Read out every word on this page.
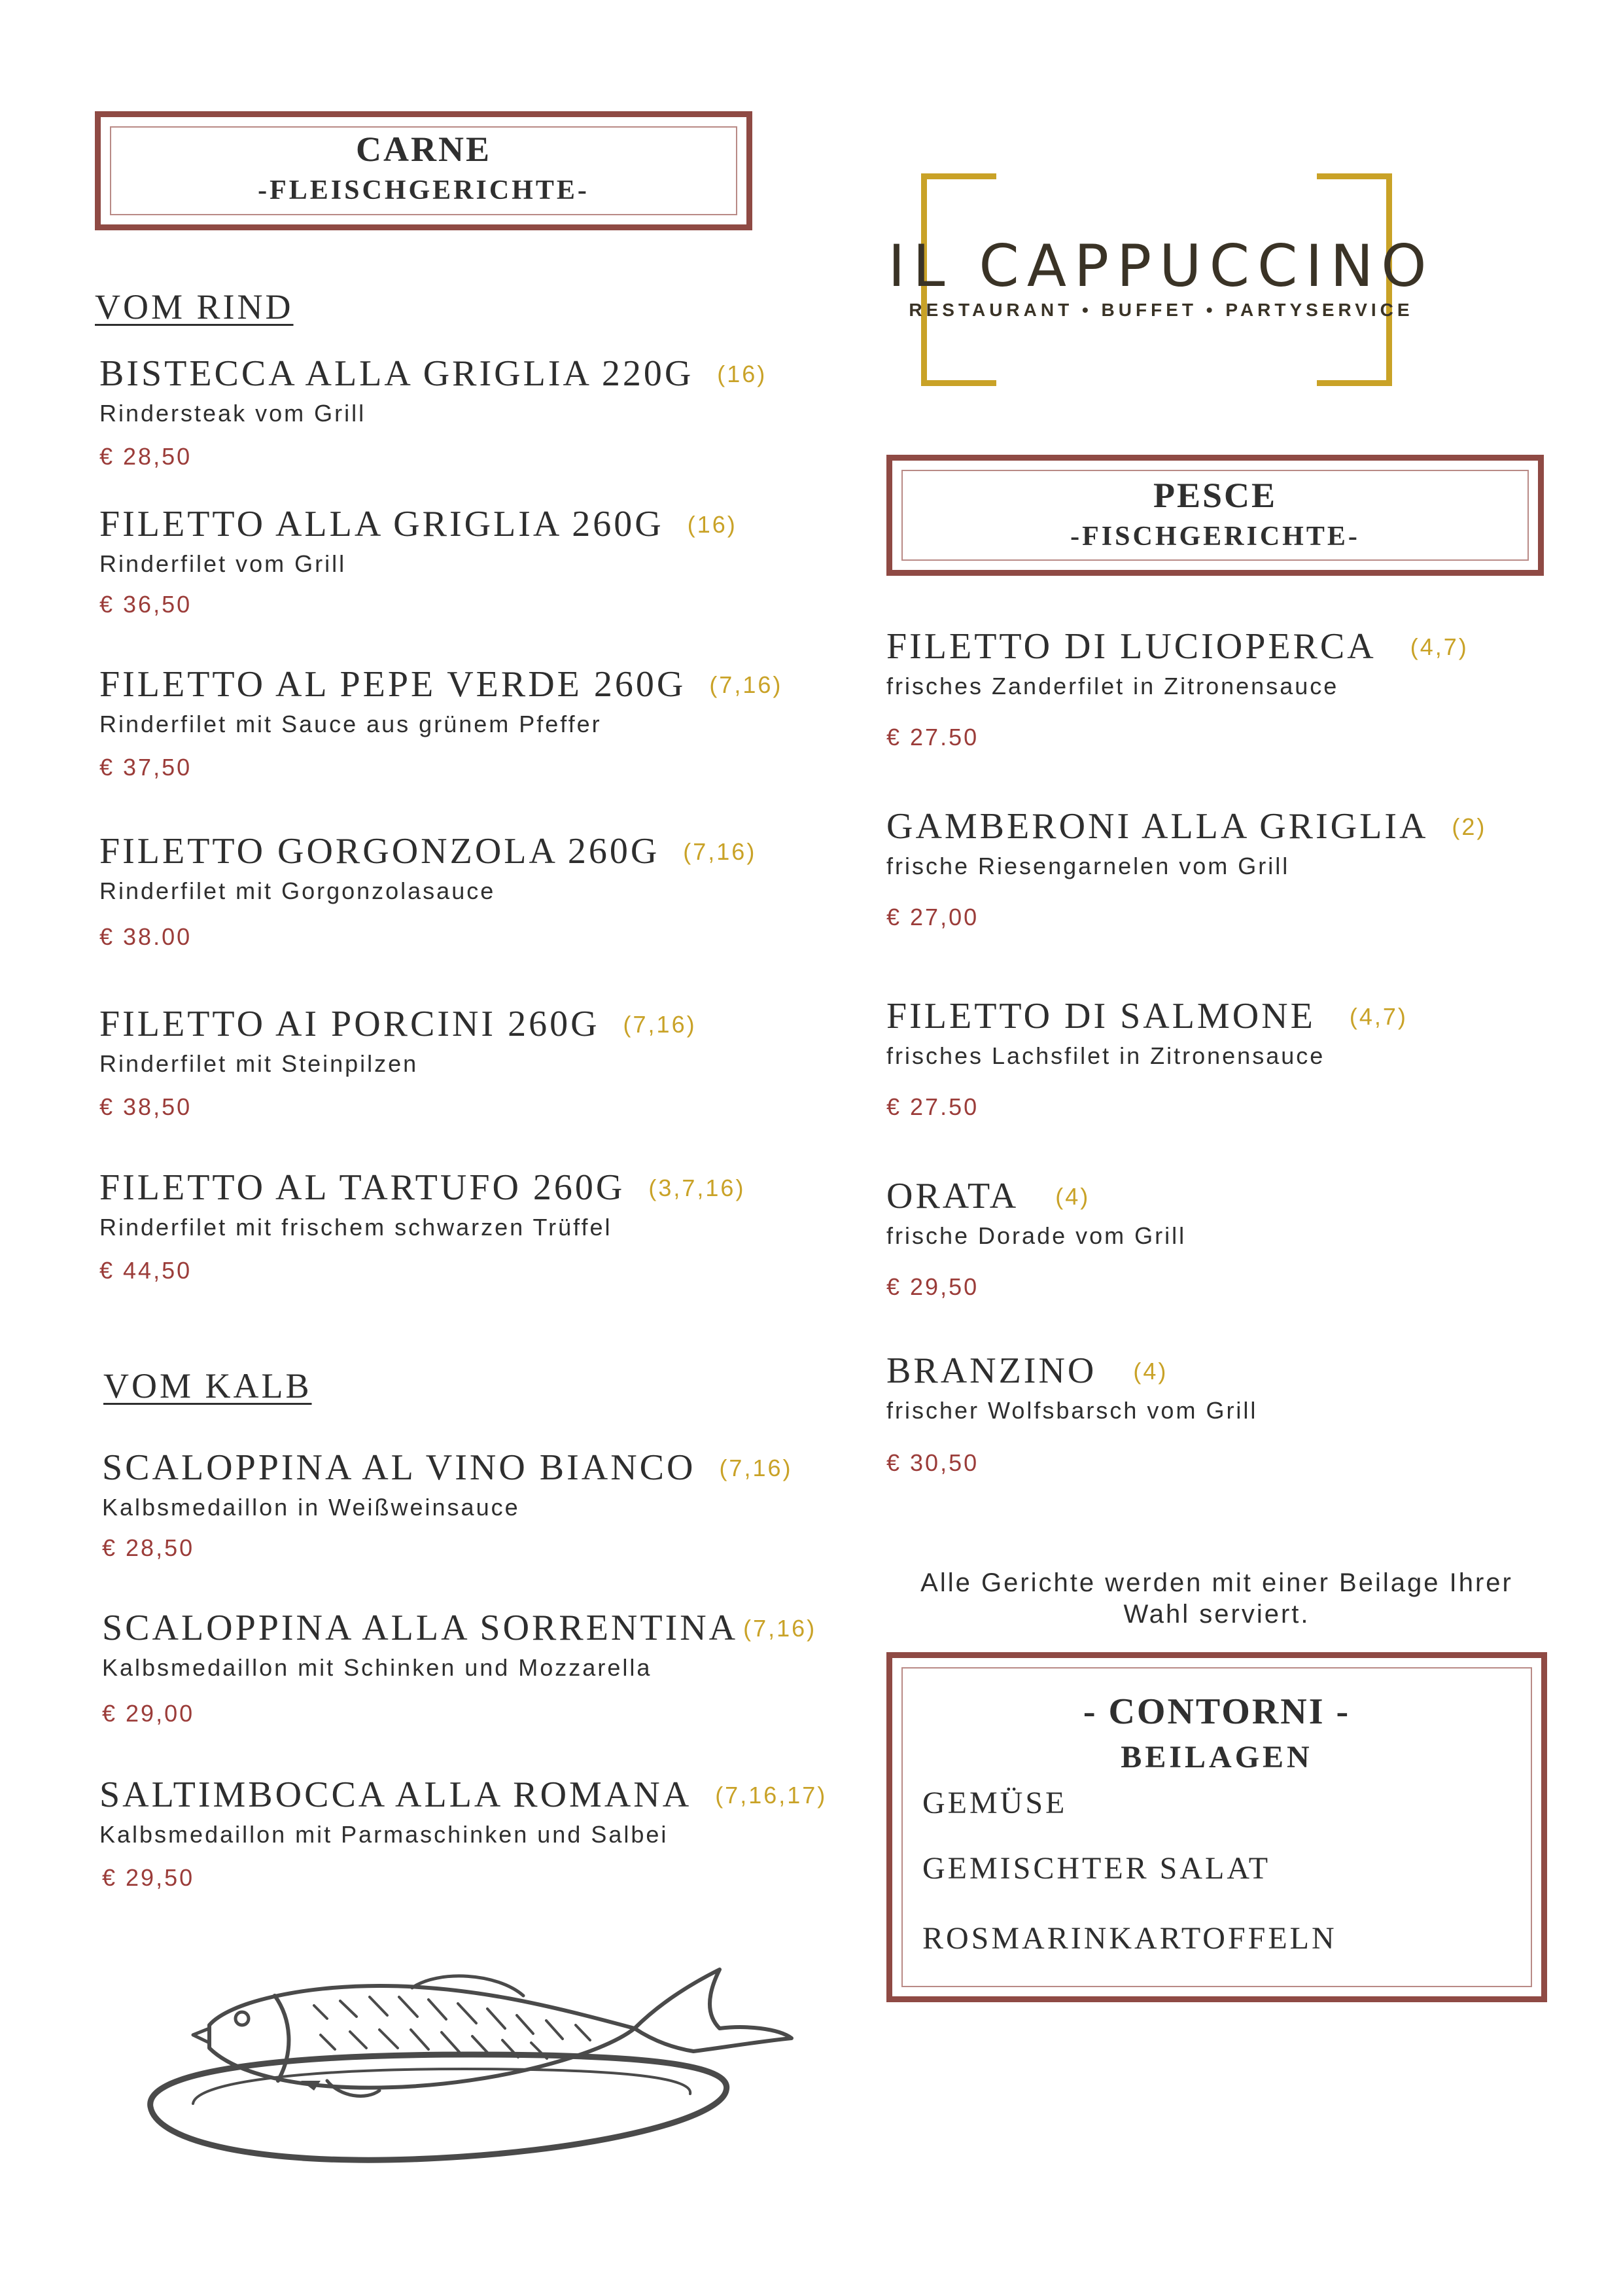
CARNE
-FLEISCHGERICHTE-
VOM RIND
BISTECCA ALLA GRIGLIA 220G (16)
Rindersteak vom Grill
€ 28,50
FILETTO ALLA GRIGLIA 260G (16)
Rinderfilet vom Grill
€ 36,50
FILETTO AL PEPE VERDE 260G (7,16)
Rinderfilet mit Sauce aus grünem Pfeffer
€ 37,50
FILETTO GORGONZOLA 260G (7,16)
Rinderfilet mit Gorgonzolasauce
€ 38.00
FILETTO AI PORCINI 260G (7,16)
Rinderfilet mit Steinpilzen
€ 38,50
FILETTO AL TARTUFO 260G (3,7,16)
Rinderfilet mit frischem schwarzen Trüffel
€ 44,50
VOM KALB
SCALOPPINA AL VINO BIANCO (7,16)
Kalbsmedaillon in Weißweinsauce
€ 28,50
SCALOPPINA ALLA SORRENTINA (7,16)
Kalbsmedaillon mit Schinken und Mozzarella
€ 29,00
SALTIMBOCCA ALLA ROMANA (7,16,17)
Kalbsmedaillon mit Parmaschinken und Salbei
€ 29,50
IL CAPPUCCINO
RESTAURANT • BUFFET • PARTYSERVICE
PESCE
-FISCHGERICHTE-
FILETTO DI LUCIOPERCA (4,7)
frisches Zanderfilet in Zitronensauce
€ 27.50
GAMBERONI ALLA GRIGLIA (2)
frische Riesengarnelen vom Grill
€ 27,00
FILETTO DI SALMONE (4,7)
frisches Lachsfilet in Zitronensauce
€ 27.50
ORATA (4)
frische Dorade vom Grill
€ 29,50
BRANZINO (4)
frischer Wolfsbarsch vom Grill
€ 30,50
Alle Gerichte werden mit einer Beilage Ihrer Wahl serviert.
- CONTORNI -
BEILAGEN
GEMÜSE
GEMISCHTER SALAT
ROSMARINKARTOFFELN
